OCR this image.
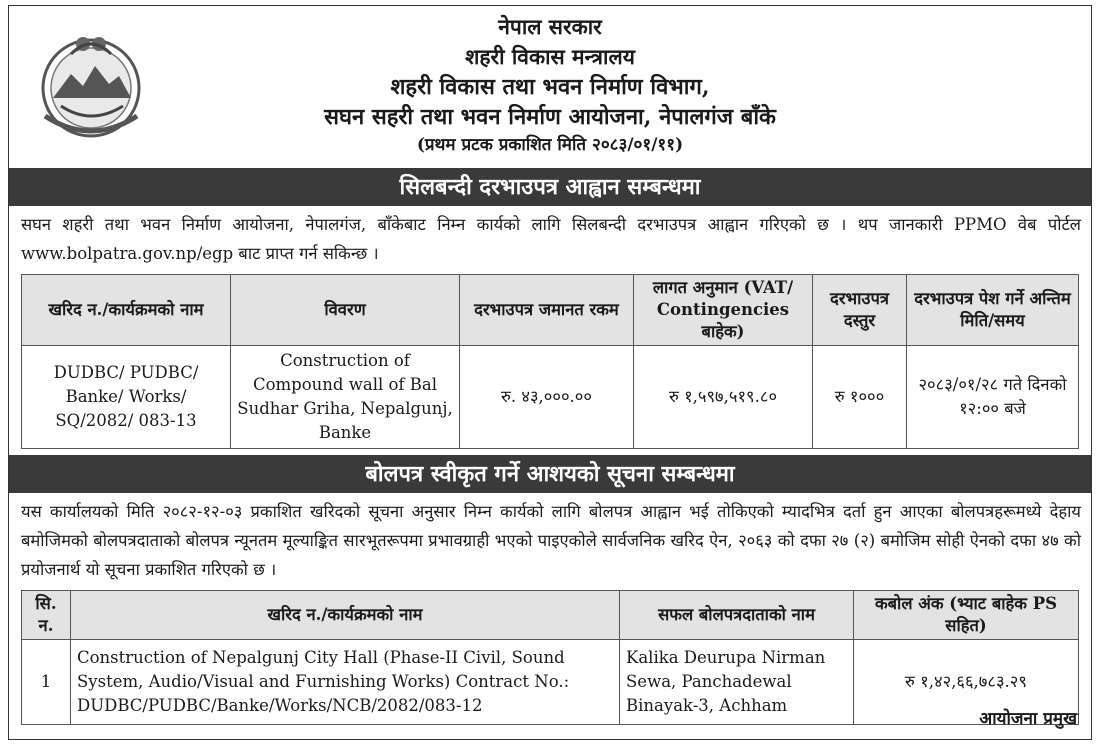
नेपाल सरकार
शहरी विकास मन्त्रालय
शहरी विकास तथा भवन निर्माण विभाग,
सघन सहरी तथा भवन निर्माण आयोजना, नेपालगंज बाँके
(प्रथम प्रटक प्रकाशित मिति २०८३/०१/११)
सिलबन्दी दरभाउपत्र आह्वान सम्बन्धमा
सघन शहरी तथा भवन निर्माण आयोजना, नेपालगंज, बाँकेबाट निम्न कार्यको लागि सिलबन्दी दरभाउपत्र आह्वान गरिएको छ । थप जानकारी PPMO वेब पोर्टल www.bolpatra.gov.np/egp बाट प्राप्त गर्न सकिन्छ ।
खरिद न./कार्यक्रमको नाम	विवरण	दरभाउपत्र जमानत रकम	लागत अनुमान (VAT/ Contingencies बाहेक)	दरभाउपत्र दस्तुर	दरभाउपत्र पेश गर्ने अन्तिम मिति/समय
DUDBC/ PUDBC/ Banke/ Works/ SQ/2082/ 083-13	Construction of Compound wall of Bal Sudhar Griha, Nepalgunj, Banke	रु. ४३,०००.००	रु १,५९७,५१९.८०	रु १०००	२०८३/०१/२८ गते दिनको १२:०० बजे
बोलपत्र स्वीकृत गर्ने आशयको सूचना सम्बन्धमा
यस कार्यालयको मिति २०८२-१२-०३ प्रकाशित खरिदको सूचना अनुसार निम्न कार्यको लागि बोलपत्र आह्वान भई तोकिएको म्यादभित्र दर्ता हुन आएका बोलपत्रहरूमध्ये देहाय बमोजिमको बोलपत्रदाताको बोलपत्र न्यूनतम मूल्याङ्कित सारभूतरूपमा प्रभावग्राही भएको पाइएकोले सार्वजनिक खरिद ऐन, २०६३ को दफा २७ (२) बमोजिम सोही ऐनको दफा ४७ को प्रयोजनार्थ यो सूचना प्रकाशित गरिएको छ ।
सि. न.	खरिद न./कार्यक्रमको नाम	सफल बोलपत्रदाताको नाम	कबोल अंक (भ्याट बाहेक PS सहित)
1	Construction of Nepalgunj City Hall (Phase-II Civil, Sound System, Audio/Visual and Furnishing Works) Contract No.: DUDBC/PUDBC/Banke/Works/NCB/2082/083-12	Kalika Deurupa Nirman Sewa, Panchadewal Binayak-3, Achham	रु १,४२,६६,७८३.२९
आयोजना प्रमुख
